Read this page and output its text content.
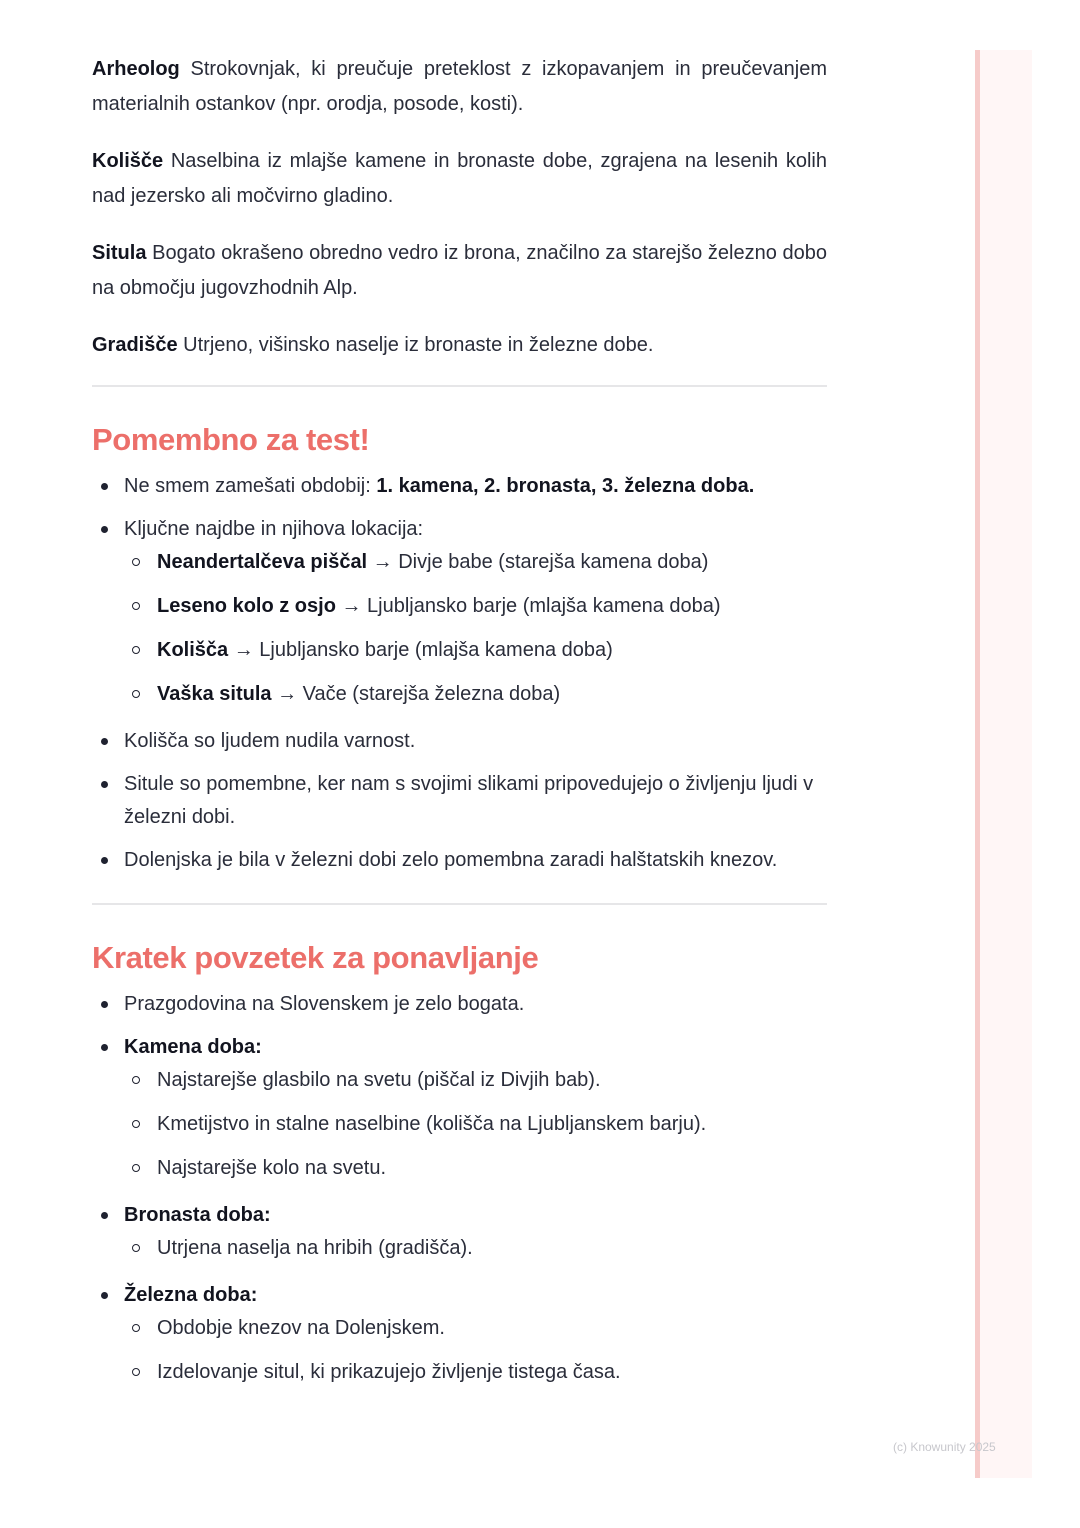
Arheolog Strokovnjak, ki preučuje preteklost z izkopavanjem in preučevanjem materialnih ostankov (npr. orodja, posode, kosti).

Kolišče Naselbina iz mlajše kamene in bronaste dobe, zgrajena na lesenih kolih nad jezersko ali močvirno gladino.

Situla Bogato okrašeno obredno vedro iz brona, značilno za starejšo železno dobo na območju jugovzhodnih Alp.

Gradišče Utrjeno, višinsko naselje iz bronaste in železne dobe.

Pomembno za test!
Ne smem zamešati obdobij: 1. kamena, 2. bronasta, 3. železna doba.
Ključne najdbe in njihova lokacija:
Neandertalčeva piščal → Divje babe (starejša kamena doba)
Leseno kolo z osjo → Ljubljansko barje (mlajša kamena doba)
Kolišča → Ljubljansko barje (mlajša kamena doba)
Vaška situla → Vače (starejša železna doba)
Kolišča so ljudem nudila varnost.
Situle so pomembne, ker nam s svojimi slikami pripovedujejo o življenju ljudi v železni dobi.
Dolenjska je bila v železni dobi zelo pomembna zaradi halštatskih knezov.
Kratek povzetek za ponavljanje
Prazgodovina na Slovenskem je zelo bogata.
Kamena doba:
Najstarejše glasbilo na svetu (piščal iz Divjih bab).
Kmetijstvo in stalne naselbine (kolišča na Ljubljanskem barju).
Najstarejše kolo na svetu.
Bronasta doba:
Utrjena naselja na hribih (gradišča).
Železna doba:
Obdobje knezov na Dolenjskem.
Izdelovanje situl, ki prikazujejo življenje tistega časa.
(c) Knowunity 2025
